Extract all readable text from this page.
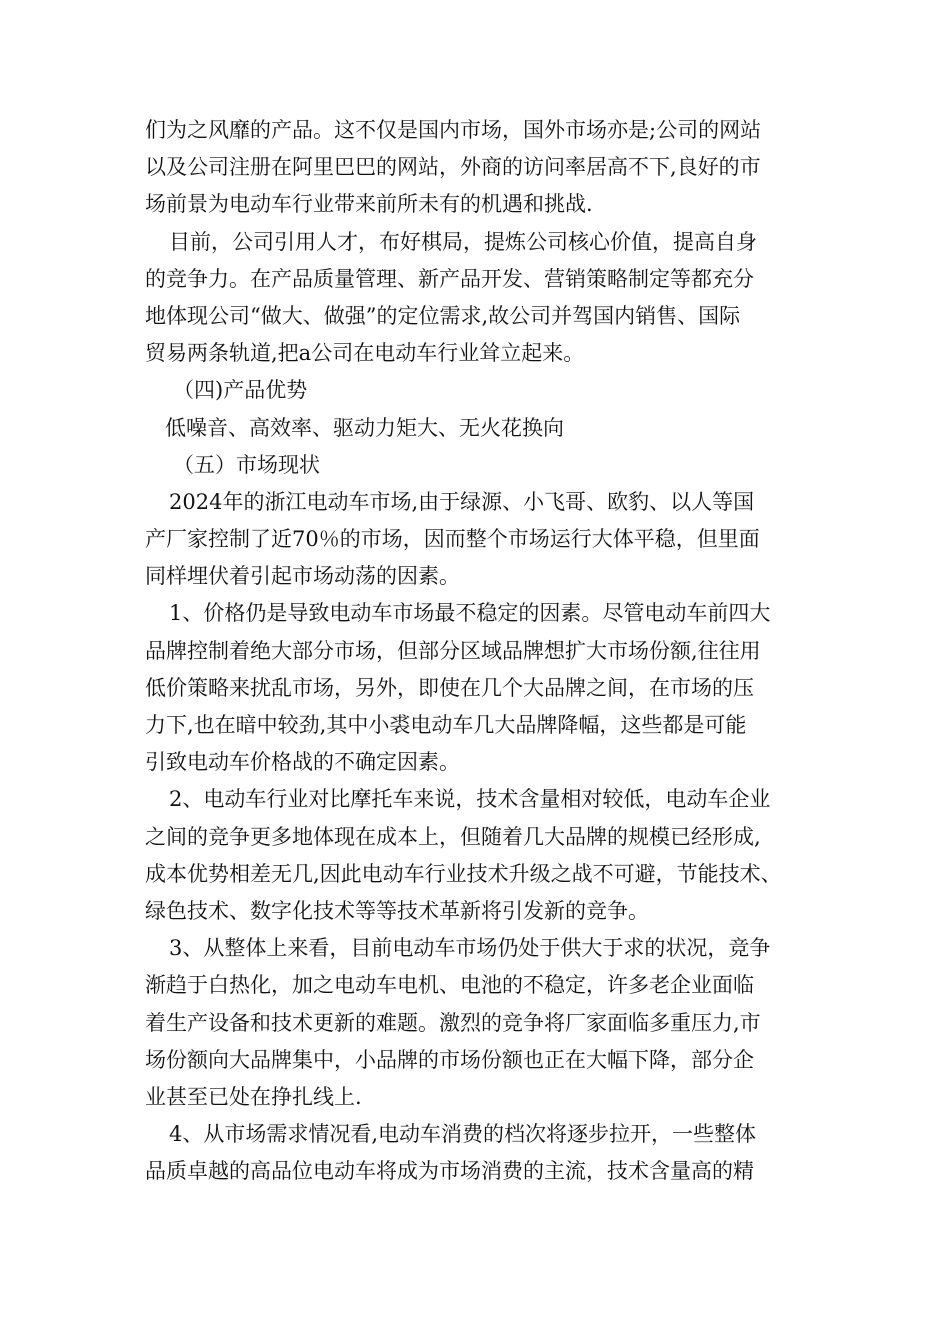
们为之风靡的产品。这不仅是国内市场，国外市场亦是;公司的网站
以及公司注册在阿里巴巴的网站，外商的访问率居高不下,良好的市
场前景为电动车行业带来前所未有的机遇和挑战.
目前，公司引用人才，布好棋局，提炼公司核心价值，提高自身
的竞争力。在产品质量管理、新产品开发、营销策略制定等都充分
地体现公司“做大、做强”的定位需求,故公司并驾国内销售、国际
贸易两条轨道,把a公司在电动车行业耸立起来。
（四)产品优势
低噪音、高效率、驱动力矩大、无火花换向
（五）市场现状
2024年的浙江电动车市场,由于绿源、小飞哥、欧豹、以人等国
产厂家控制了近70％的市场，因而整个市场运行大体平稳，但里面
同样埋伏着引起市场动荡的因素。
1、价格仍是导致电动车市场最不稳定的因素。尽管电动车前四大
品牌控制着绝大部分市场，但部分区域品牌想扩大市场份额,往往用
低价策略来扰乱市场，另外，即使在几个大品牌之间，在市场的压
力下,也在暗中较劲,其中小裘电动车几大品牌降幅，这些都是可能
引致电动车价格战的不确定因素。
2、电动车行业对比摩托车来说，技术含量相对较低，电动车企业
之间的竞争更多地体现在成本上，但随着几大品牌的规模已经形成,
成本优势相差无几,因此电动车行业技术升级之战不可避，节能技术、
绿色技术、数字化技术等等技术革新将引发新的竞争。
3、从整体上来看，目前电动车市场仍处于供大于求的状况，竞争
渐趋于白热化，加之电动车电机、电池的不稳定，许多老企业面临
着生产设备和技术更新的难题。激烈的竞争将厂家面临多重压力,市
场份额向大品牌集中，小品牌的市场份额也正在大幅下降，部分企
业甚至已处在挣扎线上.
4、从市场需求情况看,电动车消费的档次将逐步拉开，一些整体
品质卓越的高品位电动车将成为市场消费的主流，技术含量高的精
